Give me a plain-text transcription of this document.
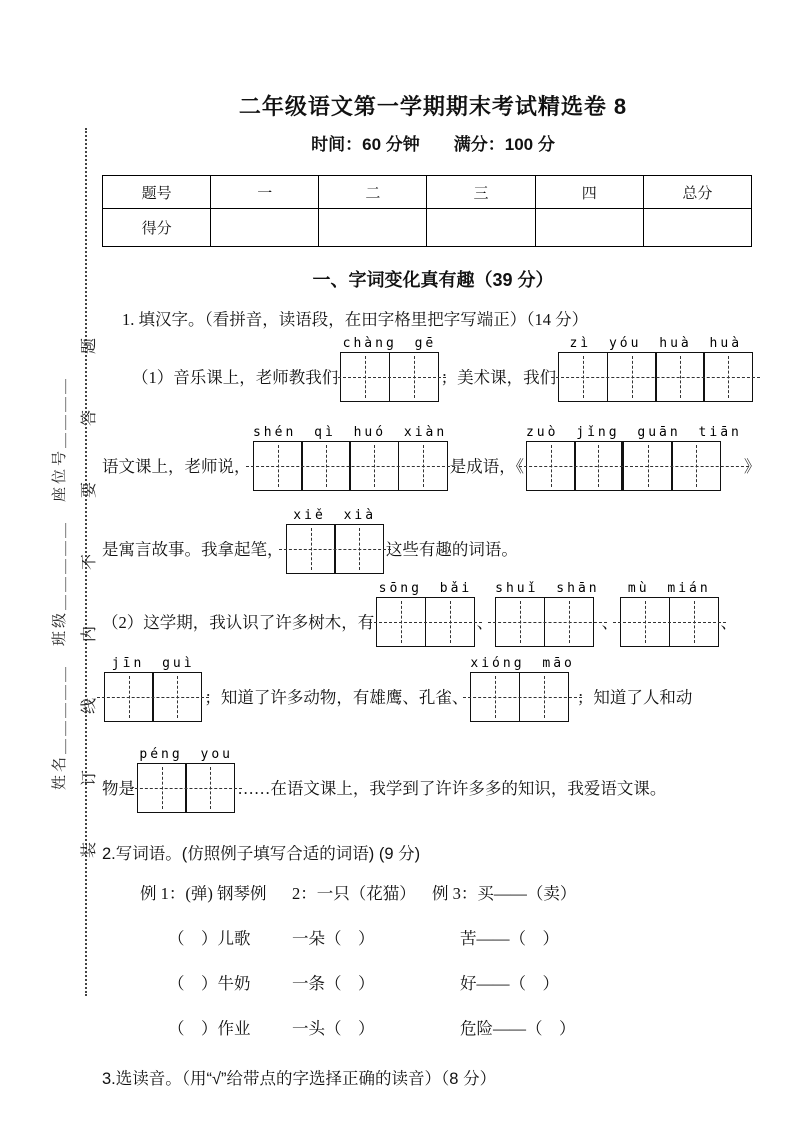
装订线内不要答题
姓名＿＿＿＿＿　班级＿＿＿＿＿　座位号＿＿＿＿
二年级语文第一学期期末考试精选卷 8
时间：60 分钟　　满分：100 分
题号	一	二	三	四	总分
得分					
一、字词变化真有趣（39 分）
1. 填汉字。（看拼音，读语段，在田字格里把字写端正）（14 分）
（1）音乐课上，老师教我们
chàng gē
；美术课，我们
zì yóu huà huà
语文课上，老师说，
shén qì huó xiàn
是成语，《
zuò jǐng guān tiān
》
是寓言故事。我拿起笔，
xiě xià
这些有趣的词语。
（2）这学期，我认识了许多树木，有
sōng bǎi
、
shuǐ shān
、
mù mián
、
jīn guì
；知道了许多动物，有雄鹰、孔雀、
xióng māo
；知道了人和动
物是
péng you
……在语文课上，我学到了许许多多的知识，我爱语文课。
2.写词语。(仿照例子填写合适的词语) (9 分)
例 1：(弹) 钢琴例	2：一只（花猫） 例 3：买——（卖）
（　）儿歌	一朵（　）	苦——（　）
（　）牛奶	一条（　）	好——（　）
（　）作业	一头（　）	危险——（　）
3.选读音。（用“√”给带点的字选择正确的读音）（8 分）
